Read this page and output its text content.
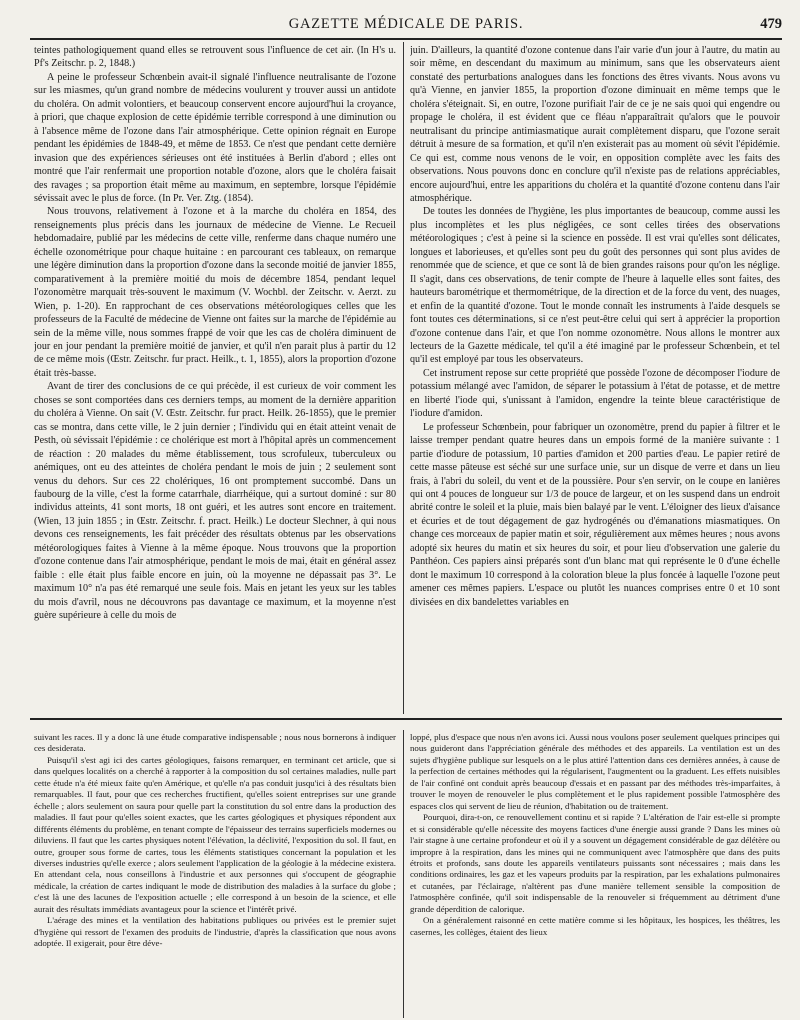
GAZETTE MÉDICALE DE PARIS.	479

teintes pathologiquement quand elles se retrouvent sous l'influence de cet air. (In H's u. Pf's Zeitschr. p. 2, 1848.)

A peine le professeur Schœnbein avait-il signalé l'influence neutralisante de l'ozone sur les miasmes, qu'un grand nombre de médecins voulurent y trouver aussi un antidote du choléra. On admit volontiers, et beaucoup conservent encore aujourd'hui la croyance, à priori, que chaque explosion de cette épidémie terrible correspond à une diminution ou à l'absence même de l'ozone dans l'air atmosphérique. Cette opinion régnait en Europe pendant les épidémies de 1848-49, et même de 1853. Ce n'est que pendant cette dernière invasion que des expériences sérieuses ont été instituées à Berlin d'abord ; elles ont montré que l'air renfermait une proportion notable d'ozone, alors que le choléra faisait des ravages ; sa proportion était même au maximum, en septembre, lorsque l'épidémie sévissait avec le plus de force. (In Pr. Ver. Ztg. (1854).

Nous trouvons, relativement à l'ozone et à la marche du choléra en 1854, des renseignements plus précis dans les journaux de médecine de Vienne. Le Recueil hebdomadaire, publié par les médecins de cette ville, renferme dans chaque numéro une échelle ozonométrique pour chaque huitaine : en parcourant ces tableaux, on remarque une légère diminution dans la proportion d'ozone dans la seconde moitié de janvier 1855, comparativement à la première moitié du mois de décembre 1854, pendant lequel l'ozonomètre marquait très-souvent le maximum (V. Wochbl. der Zeitschr. v. Aerzt. zu Wien, p. 1-20). En rapprochant de ces observations météorologiques celles que les professeurs de la Faculté de médecine de Vienne ont faites sur la marche de l'épidémie au sein de la même ville, nous sommes frappé de voir que les cas de choléra diminuent de jour en jour pendant la première moitié de janvier, et qu'il n'en parait plus à partir du 12 de ce même mois (Œstr. Zeitschr. fur pract. Heilk., t. 1, 1855), alors la proportion d'ozone était très-basse.

Avant de tirer des conclusions de ce qui précède, il est curieux de voir comment les choses se sont comportées dans ces derniers temps, au moment de la dernière apparition du choléra à Vienne. On sait (V. Œstr. Zeitschr. fur pract. Heilk. 26-1855), que le premier cas se montra, dans cette ville, le 2 juin dernier ; l'individu qui en était atteint venait de Pesth, où sévissait l'épidémie : ce cholérique est mort à l'hôpital après un commencement de réaction : 20 malades du même établissement, tous scrofuleux, tuberculeux ou anémiques, ont eu des atteintes de choléra pendant le mois de juin ; 2 seulement sont venus du dehors. Sur ces 22 cholériques, 16 ont promptement succombé. Dans un faubourg de la ville, c'est la forme catarrhale, diarrhéique, qui a surtout dominé : sur 80 individus atteints, 41 sont morts, 18 ont guéri, et les autres sont encore en traitement. (Wien, 13 juin 1855 ; in Œstr. Zeitschr. f. pract. Heilk.) Le docteur Slechner, à qui nous devons ces renseignements, les fait précéder des résultats obtenus par les observations météorologiques faites à Vienne à la même époque. Nous trouvons que la proportion d'ozone contenue dans l'air atmosphérique, pendant le mois de mai, était en général assez faible : elle était plus faible encore en juin, où la moyenne ne dépassait pas 3°. Le maximum 10° n'a pas été remarqué une seule fois. Mais en jetant les yeux sur les tables du mois d'avril, nous ne découvrons pas davantage ce maximum, et la moyenne n'est guère supérieure à celle du mois de

juin. D'ailleurs, la quantité d'ozone contenue dans l'air varie d'un jour à l'autre, du matin au soir même, en descendant du maximum au minimum, sans que les observateurs aient constaté des perturbations analogues dans les fonctions des êtres vivants. Nous avons vu qu'à Vienne, en janvier 1855, la proportion d'ozone diminuait en même temps que le choléra s'éteignait. Si, en outre, l'ozone purifiait l'air de ce je ne sais quoi qui engendre ou propage le choléra, il est évident que ce fléau n'apparaîtrait qu'alors que le pouvoir neutralisant du principe antimiasmatique aurait complètement disparu, que l'ozone serait détruit à mesure de sa formation, et qu'il n'en existerait pas au moment où sévit l'épidémie. Ce qui est, comme nous venons de le voir, en opposition complète avec les faits des observations. Nous pouvons donc en conclure qu'il n'existe pas de relations appréciables, encore aujourd'hui, entre les apparitions du choléra et la quantité d'ozone contenu dans l'air atmosphérique.

De toutes les données de l'hygiène, les plus importantes de beaucoup, comme aussi les plus incomplètes et les plus négligées, ce sont celles tirées des observations météorologiques ; c'est à peine si la science en possède. Il est vrai qu'elles sont délicates, longues et laborieuses, et qu'elles sont peu du goût des personnes qui sont plus avides de renommée que de science, et que ce sont là de bien grandes raisons pour qu'on les néglige. Il s'agit, dans ces observations, de tenir compte de l'heure à laquelle elles sont faites, des hauteurs barométrique et thermométrique, de la direction et de la force du vent, des nuages, et enfin de la quantité d'ozone. Tout le monde connaît les instruments à l'aide desquels se font toutes ces déterminations, si ce n'est peut-être celui qui sert à apprécier la proportion d'ozone contenue dans l'air, et que l'on nomme ozonomètre. Nous allons le montrer aux lecteurs de la Gazette médicale, tel qu'il a été imaginé par le professeur Schœnbein, et tel qu'il est employé par tous les observateurs.

Cet instrument repose sur cette propriété que possède l'ozone de décomposer l'iodure de potassium mélangé avec l'amidon, de séparer le potassium à l'état de potasse, et de mettre en liberté l'iode qui, s'unissant à l'amidon, engendre la teinte bleue caractéristique de l'iodure d'amidon.

Le professeur Schœnbein, pour fabriquer un ozonomètre, prend du papier à filtrer et le laisse tremper pendant quatre heures dans un empois formé de la manière suivante : 1 partie d'iodure de potassium, 10 parties d'amidon et 200 parties d'eau. Le papier retiré de cette masse pâteuse est séché sur une surface unie, sur un disque de verre et dans un lieu frais, à l'abri du soleil, du vent et de la poussière. Pour s'en servir, on le coupe en lanières qui ont 4 pouces de longueur sur 1/3 de pouce de largeur, et on les suspend dans un endroit abrité contre le soleil et la pluie, mais bien balayé par le vent. L'éloigner des lieux d'aisance et écuries et de tout dégagement de gaz hydrogénés ou d'émanations miasmatiques. On change ces morceaux de papier matin et soir, régulièrement aux mêmes heures ; nous avons adopté six heures du matin et six heures du soir, et pour lieu d'observation une galerie du Panthéon. Ces papiers ainsi préparés sont d'un blanc mat qui représente le 0 d'une échelle dont le maximum 10 correspond à la coloration bleue la plus foncée à laquelle l'ozone peut amener ces mêmes papiers. L'espace ou plutôt les nuances comprises entre 0 et 10 sont divisées en dix bandelettes variables en

suivant les races. Il y a donc là une étude comparative indispensable ; nous nous bornerons à indiquer ces desiderata.

Puisqu'il s'est agi ici des cartes géologiques, faisons remarquer, en terminant cet article, que si dans quelques localités on a cherché à rapporter à la composition du sol certaines maladies, nulle part cette étude n'a été mieux faite qu'en Amérique, et qu'elle n'a pas conduit jusqu'ici à des résultats bien remarquables. Il faut, pour que ces recherches fructifient, qu'elles soient entreprises sur une grande échelle ; alors seulement on saura pour quelle part la constitution du sol entre dans la production des maladies. Il faut pour qu'elles soient exactes, que les cartes géologiques et physiques répondent aux différents éléments du problème, en tenant compte de l'épaisseur des terrains superficiels modernes ou diluviens. Il faut que les cartes physiques notent l'élévation, la déclivité, l'exposition du sol. Il faut, en outre, grouper sous forme de cartes, tous les éléments statistiques concernant la population et les diverses industries qu'elle exerce ; alors seulement l'application de la géologie à la médecine existera. En attendant cela, nous conseillons à l'industrie et aux personnes qui s'occupent de géographie médicale, la création de cartes indiquant le mode de distribution des maladies à la surface du globe ; c'est là une des lacunes de l'exposition actuelle ; elle correspond à un besoin de la science, et elle aurait des résultats immédiats avantageux pour la science et l'intérêt privé.

L'aérage des mines et la ventilation des habitations publiques ou privées est le premier sujet d'hygiène qui ressort de l'examen des produits de l'industrie, d'après la classification que nous avons adoptée. Il exigerait, pour être déve-

loppé, plus d'espace que nous n'en avons ici. Aussi nous voulons poser seulement quelques principes qui nous guideront dans l'appréciation générale des méthodes et des appareils. La ventilation est un des sujets d'hygiène publique sur lesquels on a le plus attiré l'attention dans ces dernières années, à cause de la perfection de certaines méthodes qui la régularisent, l'augmentent ou la graduent. Les effets nuisibles de l'air confiné ont conduit après beaucoup d'essais et en passant par des méthodes très-imparfaites, à trouver le moyen de renouveler le plus complètement et le plus rapidement possible l'atmosphère des espaces clos qui servent de lieu de réunion, d'habitation ou de traitement.

Pourquoi, dira-t-on, ce renouvellement continu et si rapide ? L'altération de l'air est-elle si prompte et si considérable qu'elle nécessite des moyens factices d'une énergie aussi grande ? Dans les mines où l'air stagne à une certaine profondeur et où il y a souvent un dégagement considérable de gaz délétère ou impropre à la respiration, dans les mines qui ne communiquent avec l'atmosphère que dans des puits étroits et profonds, sans doute les appareils ventilateurs puissants sont nécessaires ; mais dans les conditions ordinaires, les gaz et les vapeurs produits par la respiration, par les exhalations pulmonaires et cutanées, par l'éclairage, n'altèrent pas d'une manière tellement sensible la composition de l'atmosphère confinée, qu'il soit indispensable de la renouveler si fréquemment au détriment d'une grande déperdition de calorique.

On a généralement raisonné en cette matière comme si les hôpitaux, les hospices, les théâtres, les casernes, les collèges, étaient des lieux
